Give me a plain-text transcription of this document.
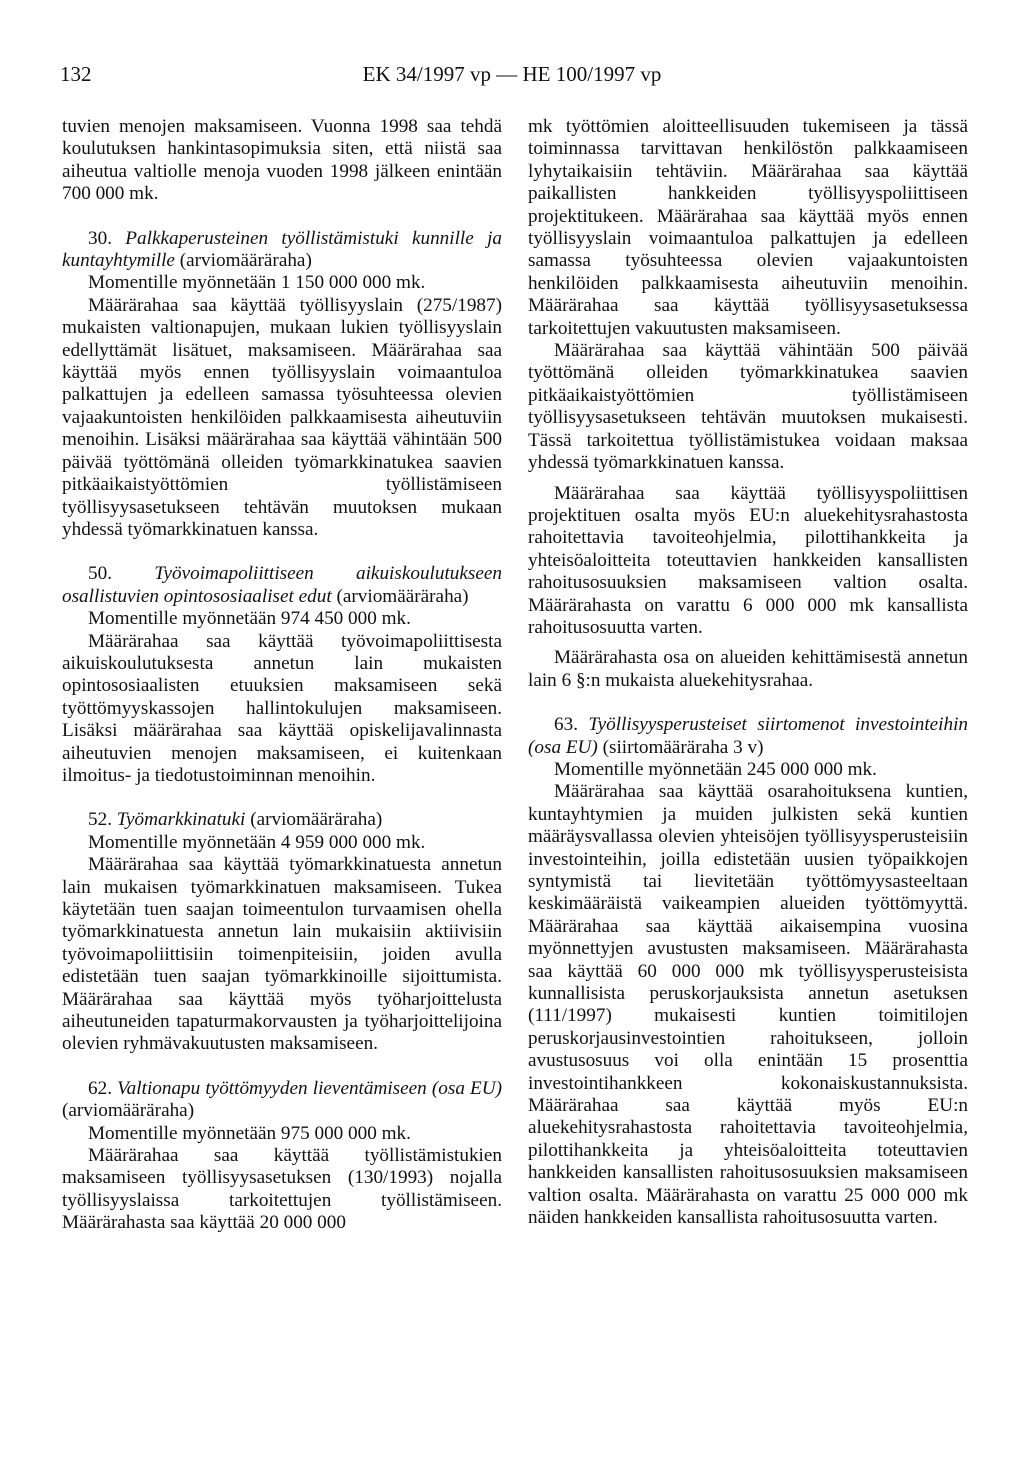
132	EK 34/1997 vp — HE 100/1997 vp

tuvien menojen maksamiseen. Vuonna 1998 saa tehdä koulutuksen hankintasopimuksia siten, että niistä saa aiheutua valtiolle menoja vuoden 1998 jälkeen enintään 700 000 mk.

30. Palkkaperusteinen työllistämistuki kunnille ja kuntayhtymille (arviomääräraha)

Momentille myönnetään 1 150 000 000 mk.

Määrärahaa saa käyttää työllisyyslain (275/1987) mukaisten valtionapujen, mukaan lukien työllisyyslain edellyttämät lisätuet, maksamiseen. Määrärahaa saa käyttää myös ennen työllisyyslain voimaantuloa palkattujen ja edelleen samassa työsuhteessa olevien vajaakuntoisten henkilöiden palkkaamisesta aiheutuviin menoihin. Lisäksi määrärahaa saa käyttää vähintään 500 päivää työttömänä olleiden työmarkkinatukea saavien pitkäaikaistyöttömien työllistämiseen työllisyysasetukseen tehtävän muutoksen mukaan yhdessä työmarkkinatuen kanssa.

50. Työvoimapoliittiseen aikuiskoulutukseen osallistuvien opintososiaaliset edut (arviomääräraha)

Momentille myönnetään 974 450 000 mk.

Määrärahaa saa käyttää työvoimapoliittisesta aikuiskoulutuksesta annetun lain mukaisten opintososiaalisten etuuksien maksamiseen sekä työttömyyskassojen hallintokulujen maksamiseen. Lisäksi määrärahaa saa käyttää opiskelijavalinnasta aiheutuvien menojen maksamiseen, ei kuitenkaan ilmoitus- ja tiedotustoiminnan menoihin.

52. Työmarkkinatuki (arviomääräraha)

Momentille myönnetään 4 959 000 000 mk.

Määrärahaa saa käyttää työmarkkinatuesta annetun lain mukaisen työmarkkinatuen maksamiseen. Tukea käytetään tuen saajan toimeentulon turvaamisen ohella työmarkkinatuesta annetun lain mukaisiin aktiivisiin työvoimapoliittisiin toimenpiteisiin, joiden avulla edistetään tuen saajan työmarkkinoille sijoittumista. Määrärahaa saa käyttää myös työharjoittelusta aiheutuneiden tapaturmakorvausten ja työharjoittelijoina olevien ryhmävakuutusten maksamiseen.

62. Valtionapu työttömyyden lieventämiseen (osa EU) (arviomääräraha)

Momentille myönnetään 975 000 000 mk.

Määrärahaa saa käyttää työllistämistukien maksamiseen työllisyysasetuksen (130/1993) nojalla työllisyyslaissa tarkoitettujen työllistämiseen. Määrärahasta saa käyttää 20 000 000

mk työttömien aloitteellisuuden tukemiseen ja tässä toiminnassa tarvittavan henkilöstön palkkaamiseen lyhytaikaisiin tehtäviin. Määrärahaa saa käyttää paikallisten hankkeiden työllisyyspoliittiseen projektitukeen. Määrärahaa saa käyttää myös ennen työllisyyslain voimaantuloa palkattujen ja edelleen samassa työsuhteessa olevien vajaakuntoisten henkilöiden palkkaamisesta aiheutuviin menoihin. Määrärahaa saa käyttää työllisyysasetuksessa tarkoitettujen vakuutusten maksamiseen.

Määrärahaa saa käyttää vähintään 500 päivää työttömänä olleiden työmarkkinatukea saavien pitkäaikaistyöttömien työllistämiseen työllisyysasetukseen tehtävän muutoksen mukaisesti. Tässä tarkoitettua työllistämistukea voidaan maksaa yhdessä työmarkkinatuen kanssa.

Määrärahaa saa käyttää työllisyyspoliittisen projektituen osalta myös EU:n aluekehitysrahastosta rahoitettavia tavoiteohjelmia, pilottihankkeita ja yhteisöaloitteita toteuttavien hankkeiden kansallisten rahoitusosuuksien maksamiseen valtion osalta. Määrärahasta on varattu 6 000 000 mk kansallista rahoitusosuutta varten.

Määrärahasta osa on alueiden kehittämisestä annetun lain 6 §:n mukaista aluekehitysrahaa.

63. Työllisyysperusteiset siirtomenot investointeihin (osa EU) (siirtomääräraha 3 v)

Momentille myönnetään 245 000 000 mk.

Määrärahaa saa käyttää osarahoituksena kuntien, kuntayhtymien ja muiden julkisten sekä kuntien määräysvallassa olevien yhteisöjen työllisyysperusteisiin investointeihin, joilla edistetään uusien työpaikkojen syntymistä tai lievitetään työttömyysasteeltaan keskimääräistä vaikeampien alueiden työttömyyttä. Määrärahaa saa käyttää aikaisempina vuosina myönnettyjen avustusten maksamiseen. Määrärahasta saa käyttää 60 000 000 mk työllisyysperusteisista kunnallisista peruskorjauksista annetun asetuksen (111/1997) mukaisesti kuntien toimitilojen peruskorjausinvestointien rahoitukseen, jolloin avustusosuus voi olla enintään 15 prosenttia investointihankkeen kokonaiskustannuksista. Määrärahaa saa käyttää myös EU:n aluekehitysrahastosta rahoitettavia tavoiteohjelmia, pilottihankkeita ja yhteisöaloitteita toteuttavien hankkeiden kansallisten rahoitusosuuksien maksamiseen valtion osalta. Määrärahasta on varattu 25 000 000 mk näiden hankkeiden kansallista rahoitusosuutta varten.
